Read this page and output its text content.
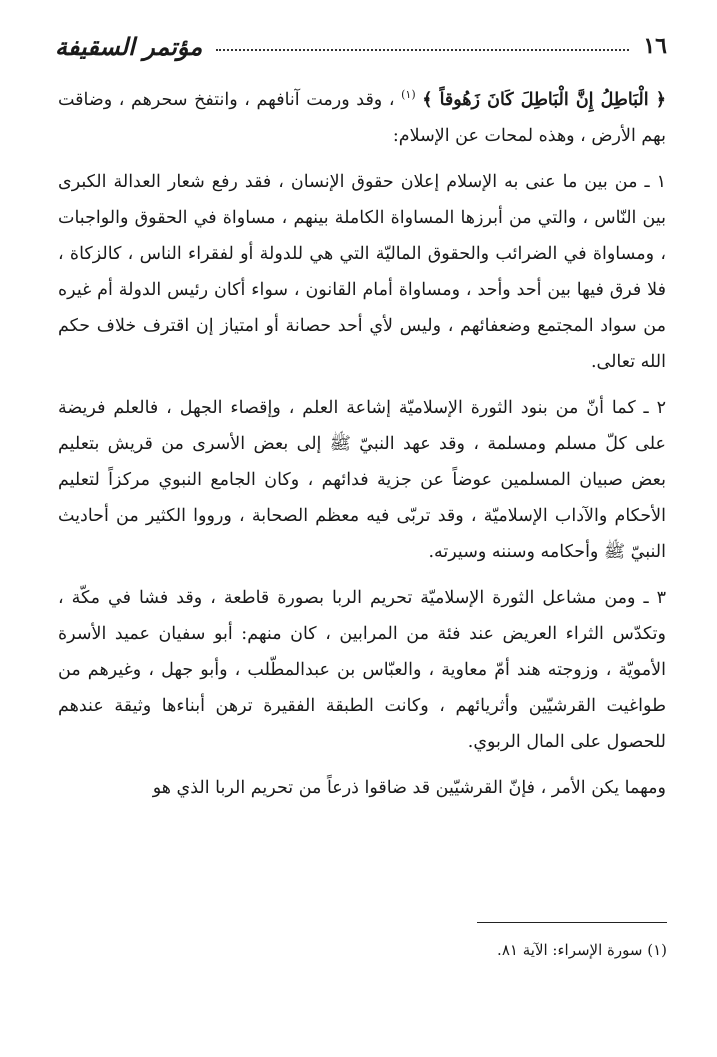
١٦
مؤتمر السقيفة

﴿ الْبَاطِلُ إِنَّ الْبَاطِلَ كَانَ زَهُوقاً ﴾ $^{(١)}$ ، وقد ورمت آنافهم ، وانتفخ سحرهم ، وضاقت بهم الأرض ، وهذه لمحات عن الإسلام:

١ ـ من بين ما عنى به الإسلام إعلان حقوق الإنسان ، فقد رفع شعار العدالة الكبرى بين النّاس ، والتي من أبرزها المساواة الكاملة بينهم ، مساواة في الحقوق والواجبات ، ومساواة في الضرائب والحقوق الماليّة التي هي للدولة أو لفقراء الناس ، كالزكاة ، فلا فرق فيها بين أحد وأحد ، ومساواة أمام القانون ، سواء أكان رئيس الدولة أم غيره من سواد المجتمع وضعفائهم ، وليس لأي أحد حصانة أو امتياز إن اقترف خلاف حكم الله تعالى.

٢ ـ كما أنّ من بنود الثورة الإسلاميّة إشاعة العلم ، وإقصاء الجهل ، فالعلم فريضة على كلّ مسلم ومسلمة ، وقد عهد النبيّ ﷺ إلى بعض الأسرى من قريش بتعليم بعض صبيان المسلمين عوضاً عن جزية فدائهم ، وكان الجامع النبوي مركزاً لتعليم الأحكام والآداب الإسلاميّة ، وقد تربّى فيه معظم الصحابة ، ورووا الكثير من أحاديث النبيّ ﷺ وأحكامه وسننه وسيرته.

٣ ـ ومن مشاعل الثورة الإسلاميّة تحريم الربا بصورة قاطعة ، وقد فشا في مكّة ، وتكدّس الثراء العريض عند فئة من المرابين ، كان منهم: أبو سفيان عميد الأسرة الأمويّة ، وزوجته هند أمّ معاوية ، والعبّاس بن عبدالمطّلب ، وأبو جهل ، وغيرهم من طواغيت القرشيّين وأثريائهم ، وكانت الطبقة الفقيرة ترهن أبناءها وثيقة عندهم للحصول على المال الربوي.

ومهما يكن الأمر ، فإنّ القرشيّين قد ضاقوا ذرعاً من تحريم الربا الذي هو

(١) سورة الإسراء: الآية ٨١.
